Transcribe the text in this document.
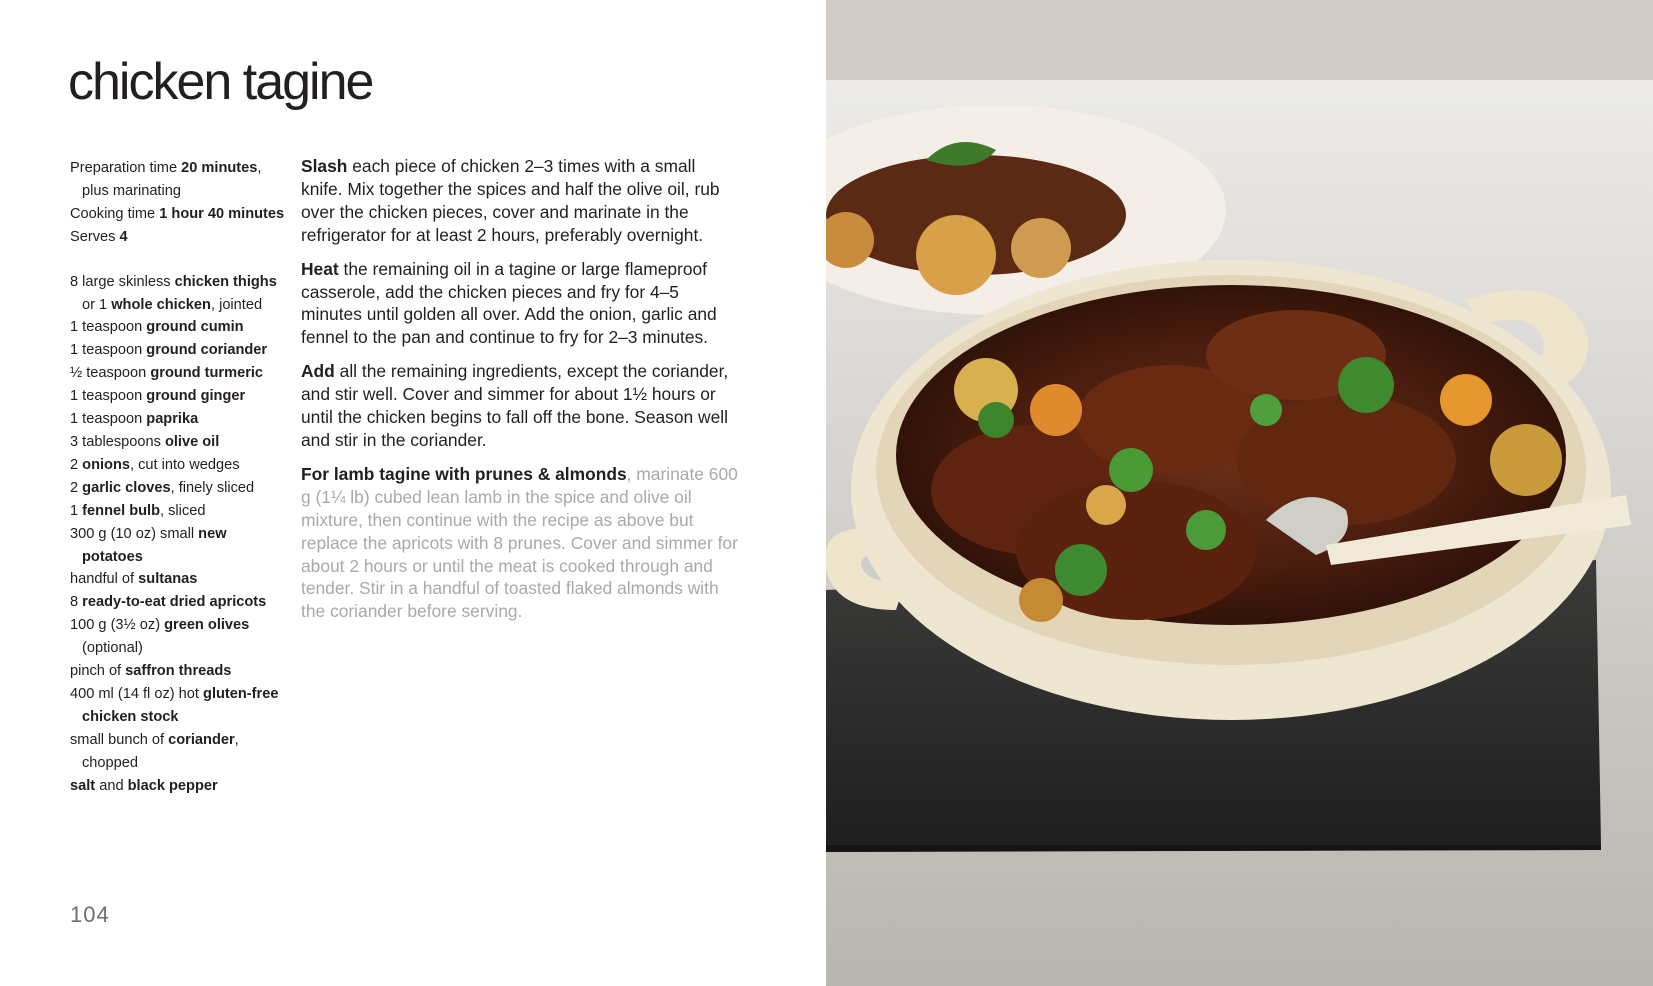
chicken tagine

Preparation time 20 minutes, plus marinating

Cooking time 1 hour 40 minutes

Serves 4

8 large skinless chicken thighs or 1 whole chicken, jointed

1 teaspoon ground cumin

1 teaspoon ground coriander

½ teaspoon ground turmeric

1 teaspoon ground ginger

1 teaspoon paprika

3 tablespoons olive oil

2 onions, cut into wedges

2 garlic cloves, finely sliced

1 fennel bulb, sliced

300 g (10 oz) small new potatoes

handful of sultanas

8 ready-to-eat dried apricots

100 g (3½ oz) green olives (optional)

pinch of saffron threads

400 ml (14 fl oz) hot gluten-free chicken stock

small bunch of coriander, chopped

salt and black pepper

Slash each piece of chicken 2–3 times with a small knife. Mix together the spices and half the olive oil, rub over the chicken pieces, cover and marinate in the refrigerator for at least 2 hours, preferably overnight.

Heat the remaining oil in a tagine or large flameproof casserole, add the chicken pieces and fry for 4–5 minutes until golden all over. Add the onion, garlic and fennel to the pan and continue to fry for 2–3 minutes.

Add all the remaining ingredients, except the coriander, and stir well. Cover and simmer for about 1½ hours or until the chicken begins to fall off the bone. Season well and stir in the coriander.

For lamb tagine with prunes & almonds, marinate 600 g (1¼ lb) cubed lean lamb in the spice and olive oil mixture, then continue with the recipe as above but replace the apricots with 8 prunes. Cover and simmer for about 2 hours or until the meat is cooked through and tender. Stir in a handful of toasted flaked almonds with the coriander before serving.

104
